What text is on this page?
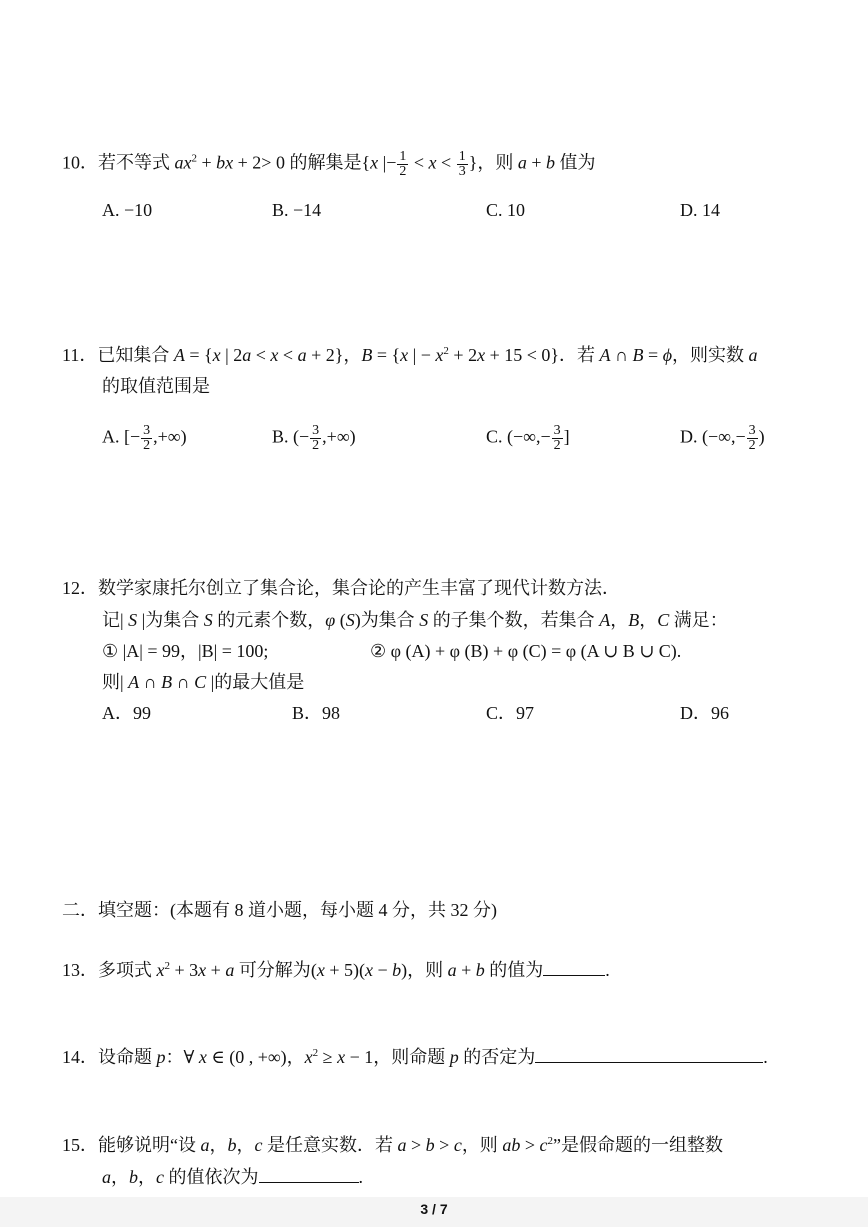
10．若不等式 $ax^2$ + bx + 2> 0 的解集是{x |− $\frac{1}{2} < x < \frac{1}{3}$ }，则 a + b 值为
A. −10	B. −14	C. 10	D. 14
11．已知集合 A = {x | 2a < x < a + 2}，B = {x | − $x^2 + 2x + 15 < 0$}．若 A ∩ B = ϕ，则实数 a
的取值范围是
A. [− $\frac{3}{2}$ ,+∞)	B. (− $\frac{3}{2}$ ,+∞)	C. (−∞,− $\frac{3}{2}$ ]	D. (−∞,− $\frac{3}{2}$ )
12．数学家康托尔创立了集合论，集合论的产生丰富了现代计数方法．
记| S |为集合 S 的元素个数，φ (S)为集合 S 的子集个数，若集合 A，B，C 满足：
① |A| = 99，|B| = 100;	② φ (A) + φ (B) + φ (C) = φ (A ∪ B ∪ C).
则| A ∩ B ∩ C |的最大值是
A．99	B．98	C．97	D．96
二．填空题：(本题有 8 道小题，每小题 4 分，共 32 分)
13．多项式 $x^2 + 3x + a$ 可分解为(x + 5)(x − b)，则 a + b 的值为	.
14．设命题 p：∀ x ∈ (0 , +∞)，$x^2 \ge x - 1$，则命题 p 的否定为	.
15．能够说明“设 a，b，c 是任意实数．若 a > b > c，则 ab > $c^2$”是假命题的一组整数
a，b，c 的值依次为	.
3 / 7
